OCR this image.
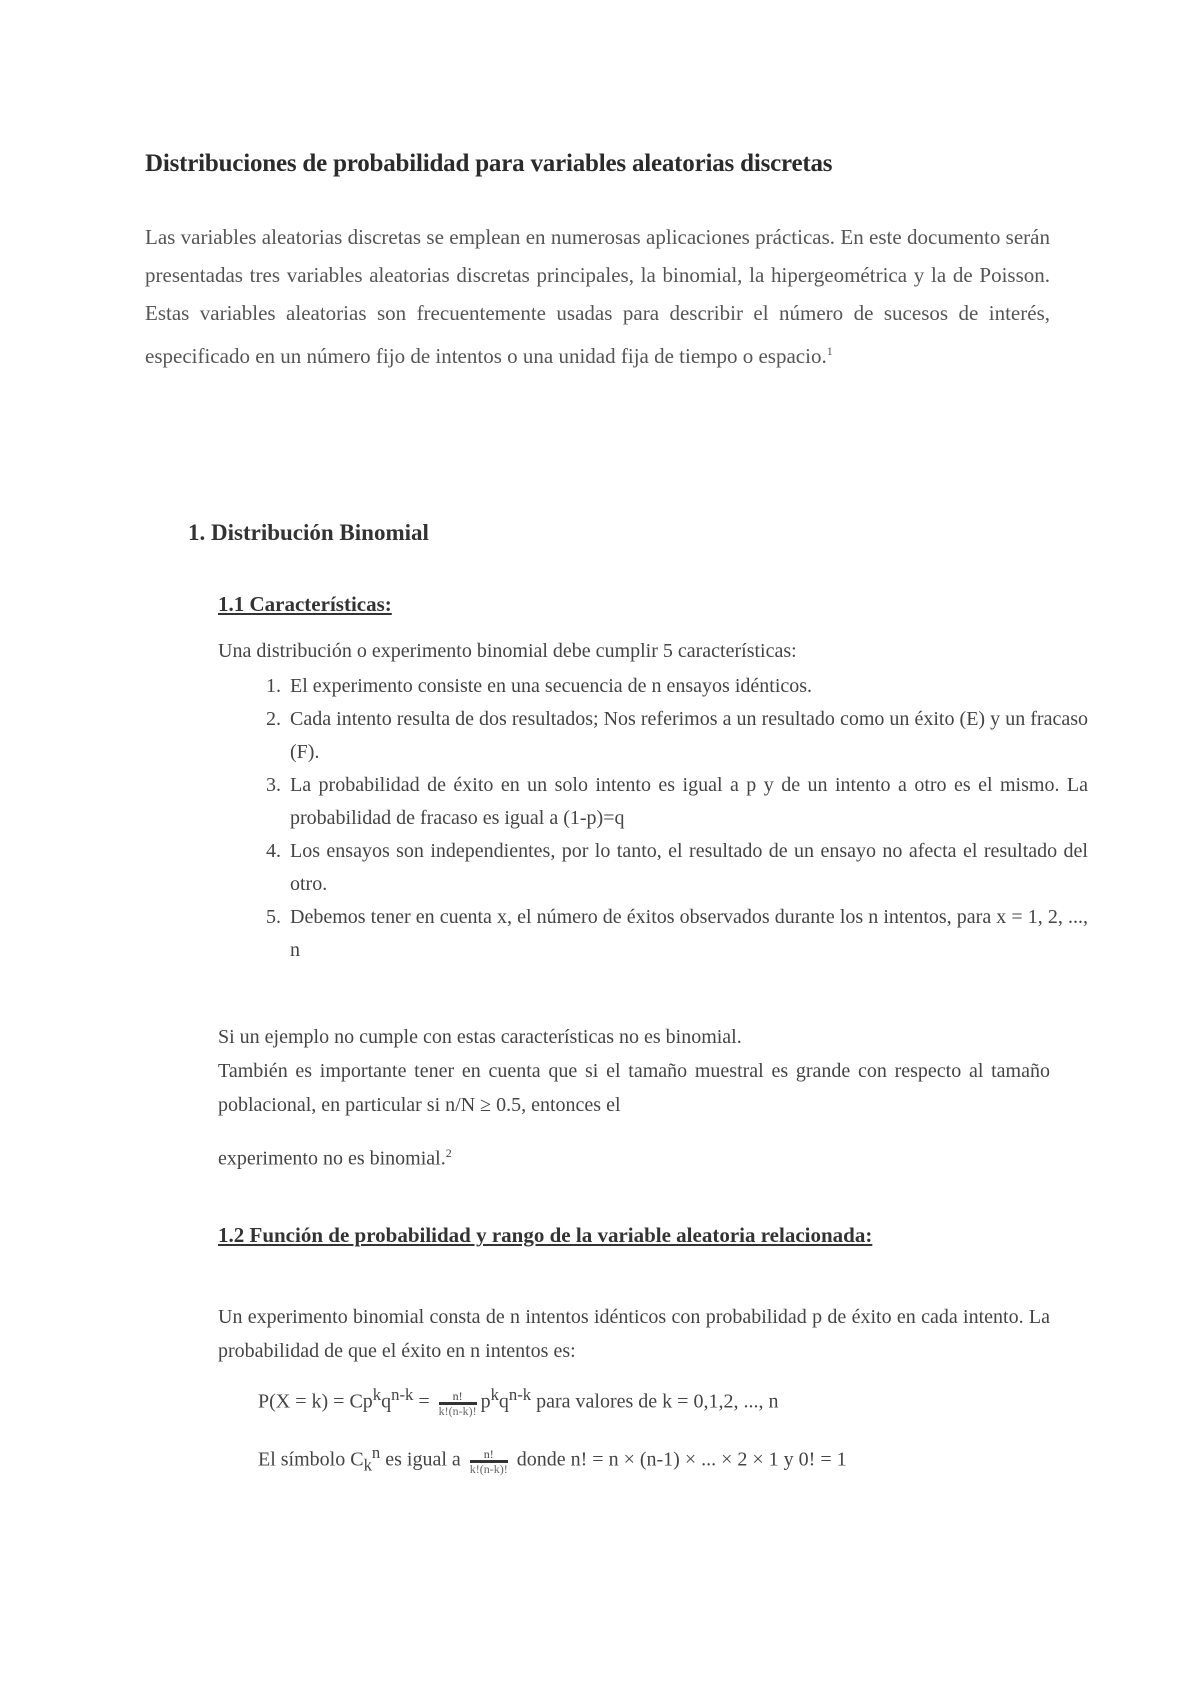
Distribuciones de probabilidad para variables aleatorias discretas
Las variables aleatorias discretas se emplean en numerosas aplicaciones prácticas. En este documento serán presentadas tres variables aleatorias discretas principales, la binomial, la hipergeométrica y la de Poisson. Estas variables aleatorias son frecuentemente usadas para describir el número de sucesos de interés, especificado en un número fijo de intentos o una unidad fija de tiempo o espacio.$^1$
1. Distribución Binomial
1.1 Características:
Una distribución o experimento binomial debe cumplir 5 características:
1. El experimento consiste en una secuencia de n ensayos idénticos.
2. Cada intento resulta de dos resultados; Nos referimos a un resultado como un éxito (E) y un fracaso (F).
3. La probabilidad de éxito en un solo intento es igual a p y de un intento a otro es el mismo. La probabilidad de fracaso es igual a (1-p)=q
4. Los ensayos son independientes, por lo tanto, el resultado de un ensayo no afecta el resultado del otro.
5. Debemos tener en cuenta x, el número de éxitos observados durante los n intentos, para x = 1, 2, ..., n
Si un ejemplo no cumple con estas características no es binomial.
También es importante tener en cuenta que si el tamaño muestral es grande con respecto al tamaño poblacional, en particular si n/N ≥ 0.5, entonces el
experimento no es binomial.$^2$
1.2 Función de probabilidad y rango de la variable aleatoria relacionada:
Un experimento binomial consta de n intentos idénticos con probabilidad p de éxito en cada intento. La probabilidad de que el éxito en n intentos es:
$P(X = k) = Cp^kq^{n-k} = \frac{n!}{k!(n-k)!} p^kq^{n-k}$ para valores de k = 0,1,2, ..., n
El símbolo $C_k^n$ es igual a $\frac{n!}{k!(n-k)!}$ donde n! = n × (n-1) × ... × 2 × 1 y 0! = 1
